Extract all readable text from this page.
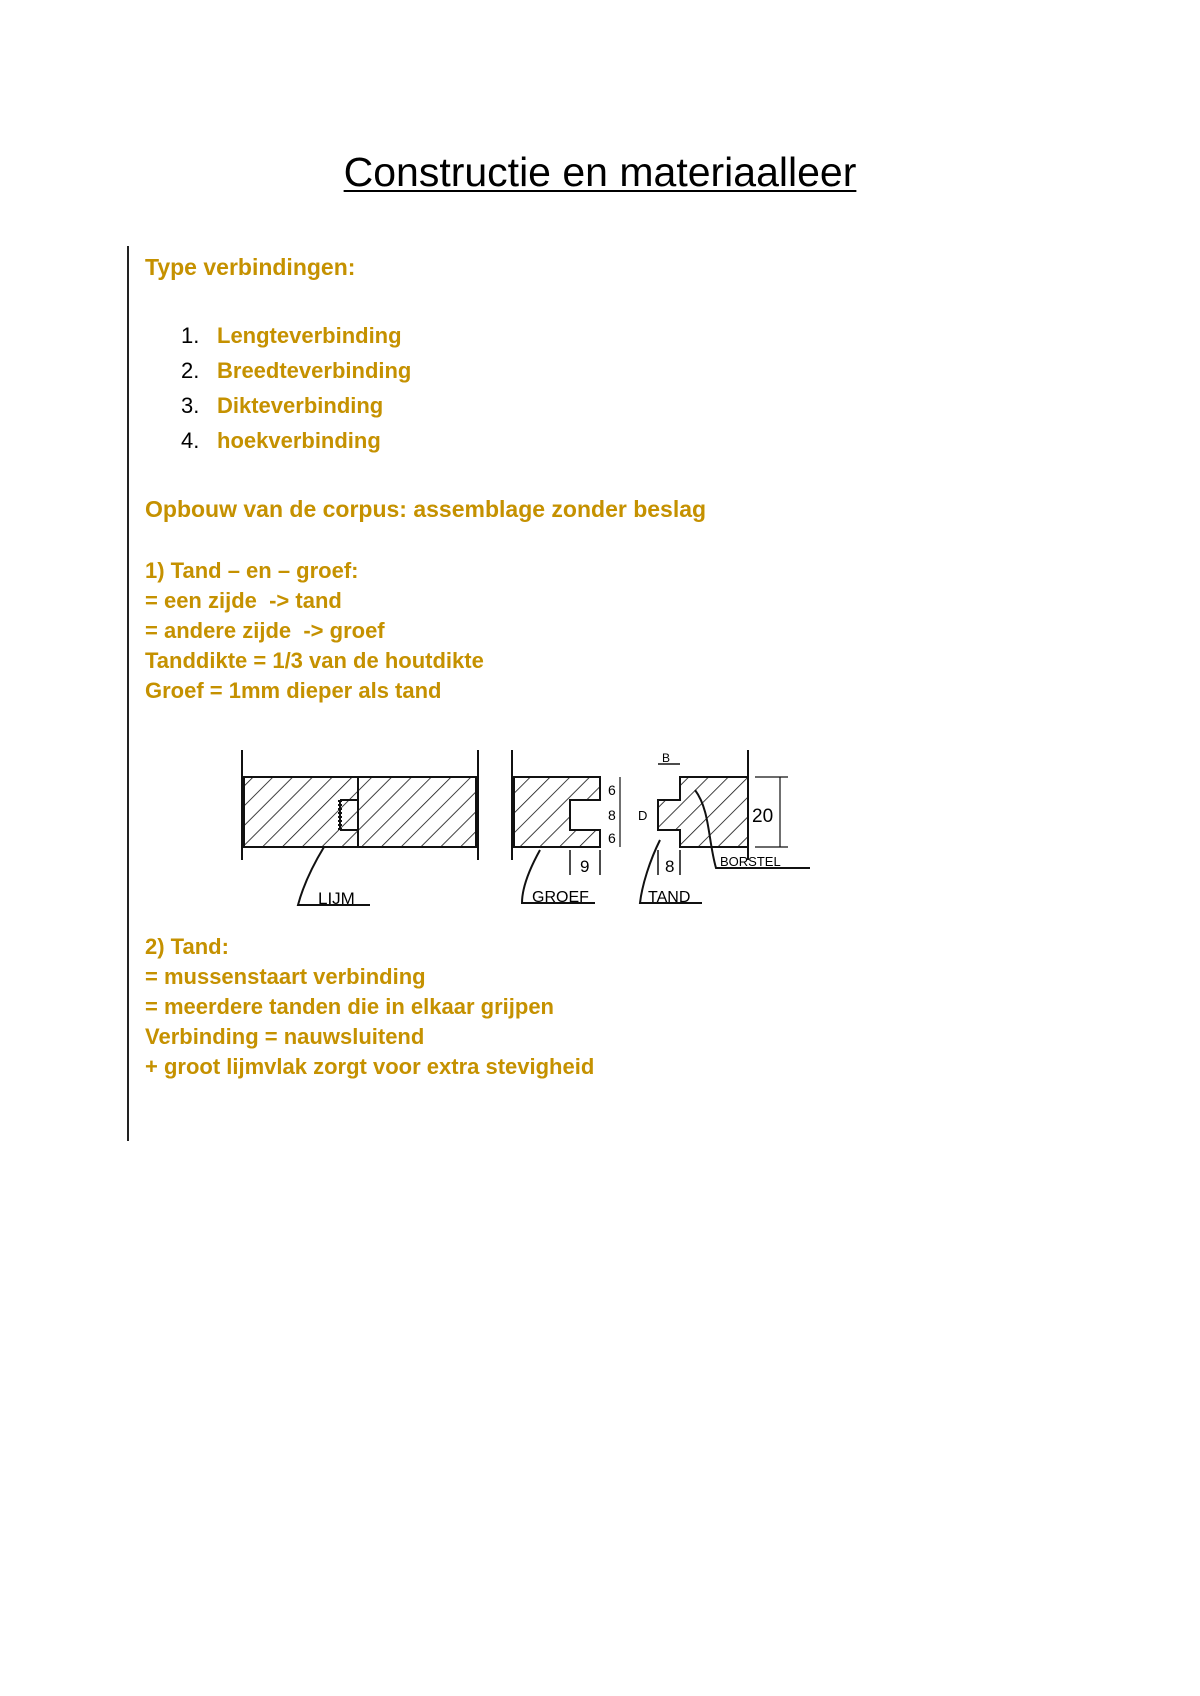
Constructie en materiaalleer

Type verbindingen:

1. Lengteverbinding
2. Breedteverbinding
3. Dikteverbinding
4. hoekverbinding

Opbouw van de corpus: assemblage zonder beslag

1) Tand – en – groef:
= een zijde  -> tand
= andere zijde  -> groef
Tanddikte = 1/3 van de houtdikte
Groef = 1mm dieper als tand
LIJM
9
GROEF
6
8
6
D
B
20
8
TAND
BORSTEL
2) Tand:
= mussenstaart verbinding
= meerdere tanden die in elkaar grijpen
Verbinding = nauwsluitend
+ groot lijmvlak zorgt voor extra stevigheid
